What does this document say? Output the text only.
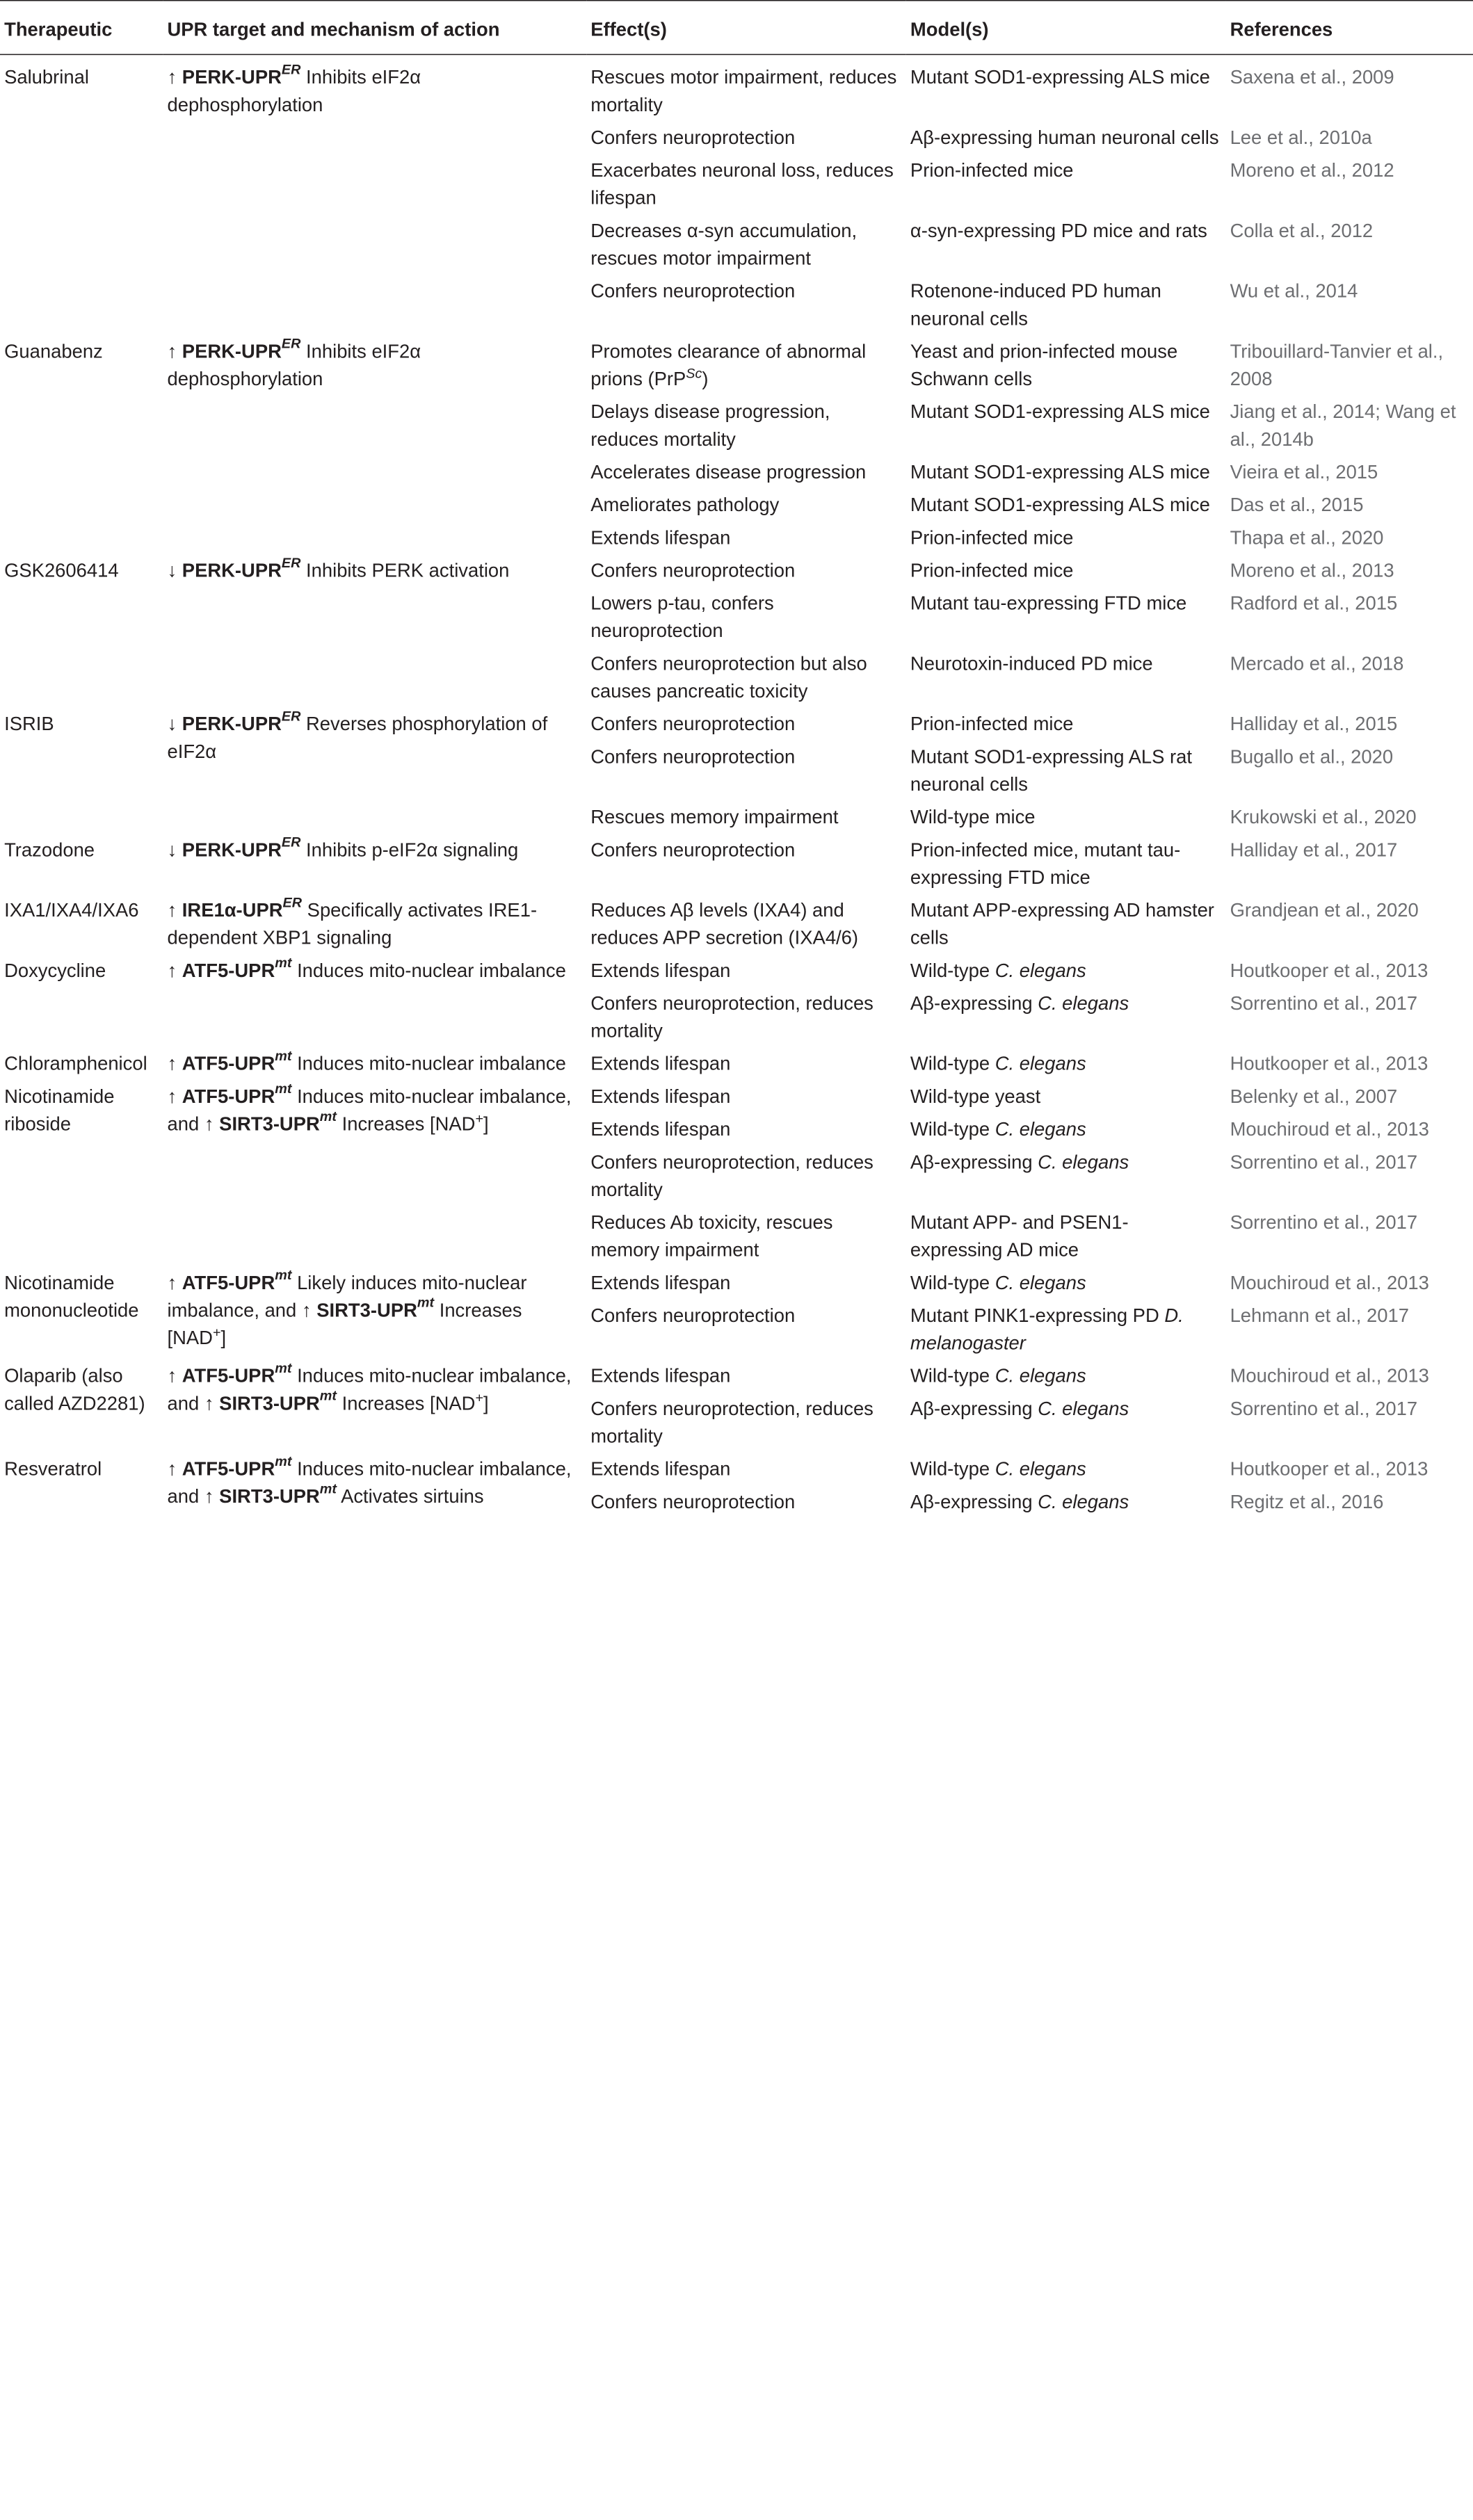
Therapeutic	UPR target and mechanism of action	Effect(s)	Model(s)	References
Salubrinal	↑ PERK-$UPR^{ER}$ Inhibits eIF2α dephosphorylation	Rescues motor impairment, reduces mortality	Mutant SOD1-expressing ALS mice	Saxena et al., 2009
		Confers neuroprotection	Aβ-expressing human neuronal cells	Lee et al., 2010a
		Exacerbates neuronal loss, reduces lifespan	Prion-infected mice	Moreno et al., 2012
		Decreases α-syn accumulation, rescues motor impairment	α-syn-expressing PD mice and rats	Colla et al., 2012
		Confers neuroprotection	Rotenone-induced PD human neuronal cells	Wu et al., 2014
Guanabenz	↑ PERK-$UPR^{ER}$ Inhibits eIF2α dephosphorylation	Promotes clearance of abnormal prions (PrP$^{Sc}$)	Yeast and prion-infected mouse Schwann cells	Tribouillard-Tanvier et al., 2008
		Delays disease progression, reduces mortality	Mutant SOD1-expressing ALS mice	Jiang et al., 2014; Wang et al., 2014b
		Accelerates disease progression	Mutant SOD1-expressing ALS mice	Vieira et al., 2015
		Ameliorates pathology	Mutant SOD1-expressing ALS mice	Das et al., 2015
		Extends lifespan	Prion-infected mice	Thapa et al., 2020
GSK2606414	↓ PERK-$UPR^{ER}$ Inhibits PERK activation	Confers neuroprotection	Prion-infected mice	Moreno et al., 2013
		Lowers p-tau, confers neuroprotection	Mutant tau-expressing FTD mice	Radford et al., 2015
		Confers neuroprotection but also causes pancreatic toxicity	Neurotoxin-induced PD mice	Mercado et al., 2018
ISRIB	↓ PERK-$UPR^{ER}$ Reverses phosphorylation of eIF2α	Confers neuroprotection	Prion-infected mice	Halliday et al., 2015
		Confers neuroprotection	Mutant SOD1-expressing ALS rat neuronal cells	Bugallo et al., 2020
		Rescues memory impairment	Wild-type mice	Krukowski et al., 2020
Trazodone	↓ PERK-$UPR^{ER}$ Inhibits p-eIF2α signaling	Confers neuroprotection	Prion-infected mice, mutant tau-expressing FTD mice	Halliday et al., 2017
IXA1/IXA4/IXA6	↑ $IRE1\alpha-UPR^{ER}$ Specifically activates IRE1-dependent XBP1 signaling	Reduces Aβ levels (IXA4) and reduces APP secretion (IXA4/6)	Mutant APP-expressing AD hamster cells	Grandjean et al., 2020
Doxycycline	↑ $ATF5-UPR^{mt}$ Induces mito-nuclear imbalance	Extends lifespan	Wild-type C. elegans	Houtkooper et al., 2013
		Confers neuroprotection, reduces mortality	Aβ-expressing C. elegans	Sorrentino et al., 2017
Chloramphenicol	↑ $ATF5-UPR^{mt}$ Induces mito-nuclear imbalance	Extends lifespan	Wild-type C. elegans	Houtkooper et al., 2013
Nicotinamide riboside	↑ $ATF5-UPR^{mt}$ Induces mito-nuclear imbalance, and ↑ $SIRT3-UPR^{mt}$ Increases [NAD+]	Extends lifespan	Wild-type yeast	Belenky et al., 2007
		Extends lifespan	Wild-type C. elegans	Mouchiroud et al., 2013
		Confers neuroprotection, reduces mortality	Aβ-expressing C. elegans	Sorrentino et al., 2017
		Reduces Ab toxicity, rescues memory impairment	Mutant APP- and PSEN1-expressing AD mice	Sorrentino et al., 2017
Nicotinamide mononucleotide	↑ $ATF5-UPR^{mt}$ Likely induces mito-nuclear imbalance, and ↑ $SIRT3-UPR^{mt}$ Increases [NAD+]	Extends lifespan	Wild-type C. elegans	Mouchiroud et al., 2013
		Confers neuroprotection	Mutant PINK1-expressing PD D. melanogaster	Lehmann et al., 2017
Olaparib (also called AZD2281)	↑ $ATF5-UPR^{mt}$ Induces mito-nuclear imbalance, and ↑ $SIRT3-UPR^{mt}$ Increases [NAD+]	Extends lifespan	Wild-type C. elegans	Mouchiroud et al., 2013
		Confers neuroprotection, reduces mortality	Aβ-expressing C. elegans	Sorrentino et al., 2017
Resveratrol	↑ $ATF5-UPR^{mt}$ Induces mito-nuclear imbalance, and ↑ $SIRT3-UPR^{mt}$ Activates sirtuins	Extends lifespan	Wild-type C. elegans	Houtkooper et al., 2013
		Confers neuroprotection	Aβ-expressing C. elegans	Regitz et al., 2016
